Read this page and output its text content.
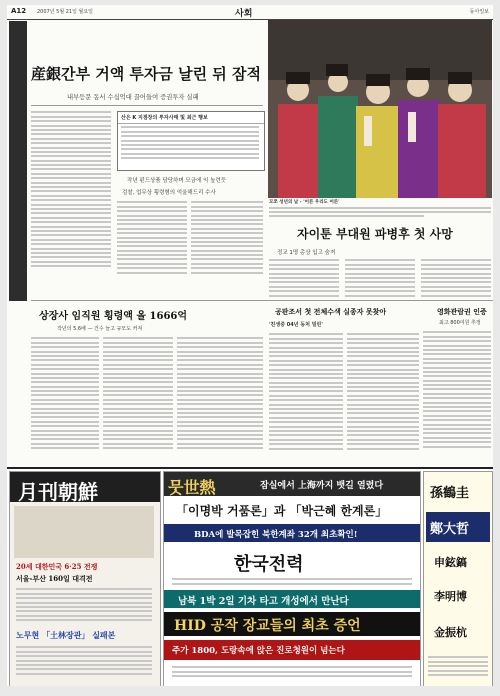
A12 2007년 5월 21일 월요일	사회	동아일보
産銀간부 거액 투자금 날린 뒤 잠적
내부등문 동서 수십억대 끌어들여 증권투자 실패
산은 K 지점장의 투자사태 및 최근 행보
작년 펀드상품 담당하며 모금에 익 높련듯
검찰, 업무상 횡령혐의 억울해드리 수사
모쪼 성년의 날 - '어른 우리도 어른'
자이툰 부대원 파병후 첫 사망
정교 1명 총상 입고 숨져
상장사 임직원 횡령액 올 1666억
작년의 5.6배 — 건수 늘고 규모도 커져
공판조서 첫 전체수색 실종자 못찾아
'친생중 04년 동처 밀린'
영화관람권 인증
최고 800여원 추정
月刊朝鮮
20세 대한민국 6·25 전쟁
서울-부산 160일 대격전
노무현 「土林장관」 실패본
뭇世熱	잠실에서 上海까지 뱃길 열렸다
「이명박 거품론」과 「박근혜 한계론」
BDA에 발목잡힌 북한계좌 32개 최초확인!
한국전력
남북 1박 2일 기차 타고 개성에서 만난다
HID 공작 장교들의 최초 증언
주가 1800, 도랑속에 앉은 진로청원이 넘는다
孫鶴圭
鄭大哲
申鉉鎬
李明博
金振杭
